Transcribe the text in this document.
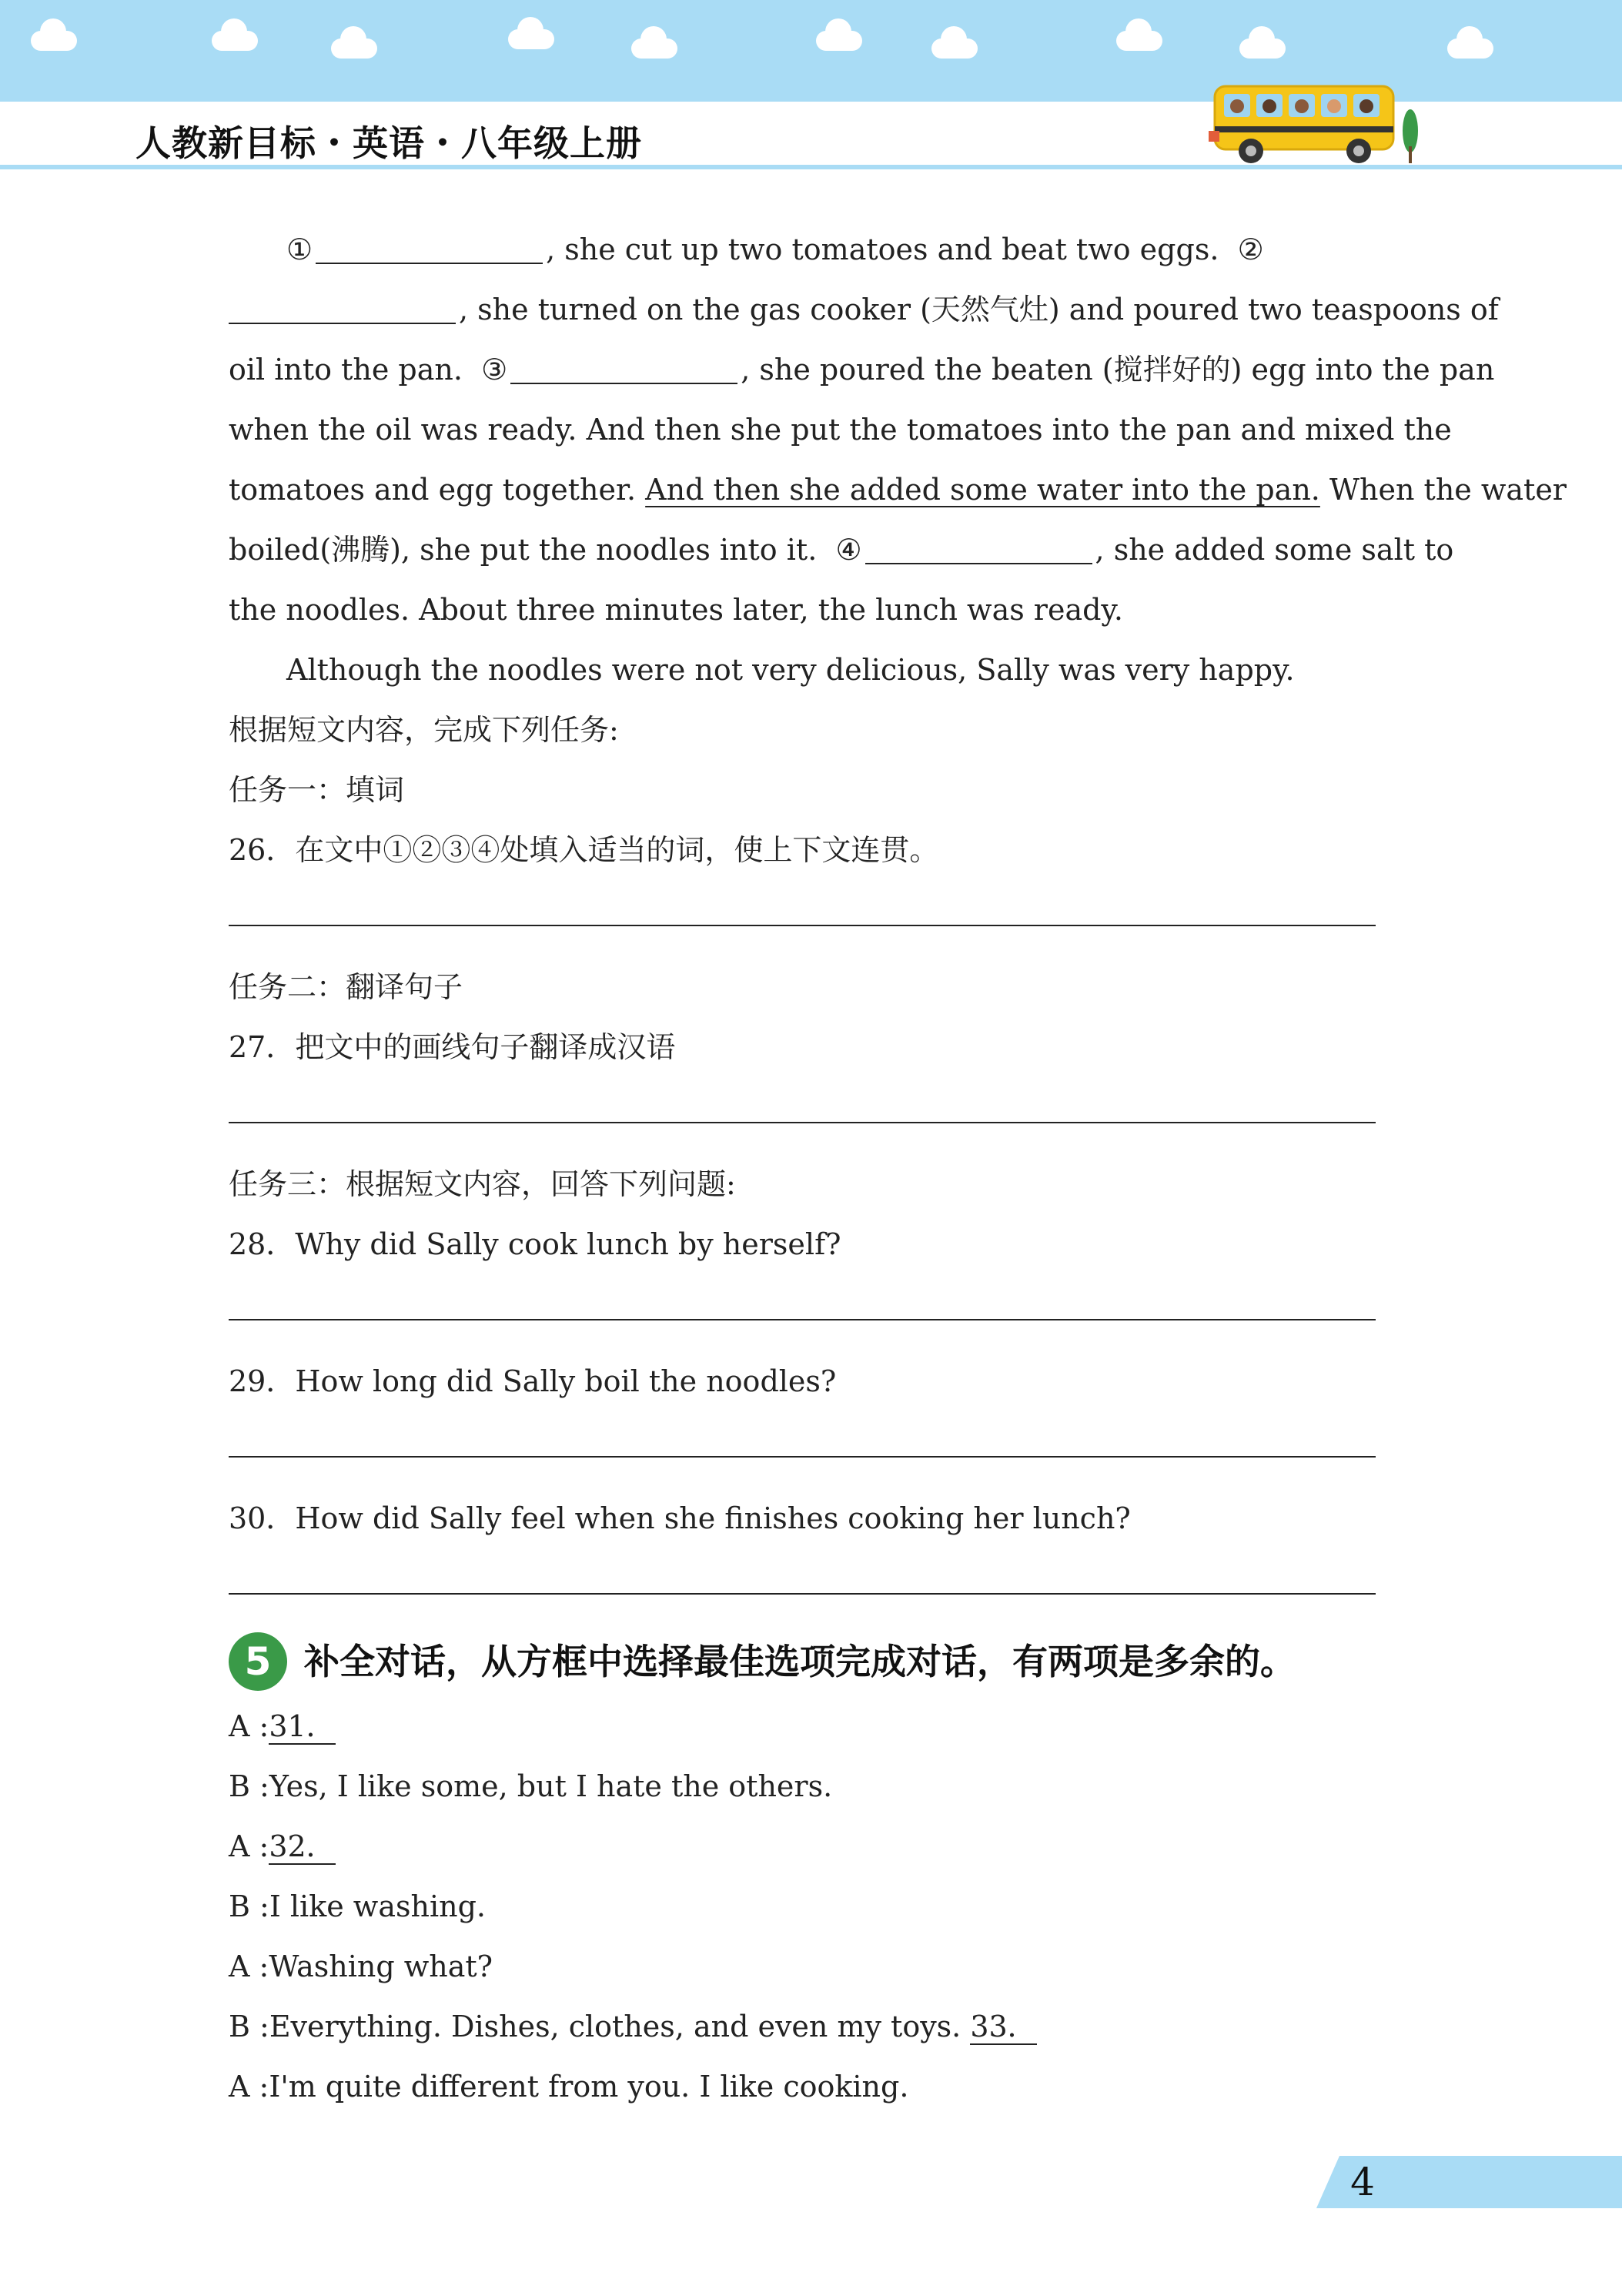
人教新目标・英语・八年级上册

①	, she cut up two tomatoes and beat two eggs. ②

, she turned on the gas cooker (天然气灶) and poured two teaspoons of

oil into the pan. ③	, she poured the beaten (搅拌好的) egg into the pan

when the oil was ready. And then she put the tomatoes into the pan and mixed the

tomatoes and egg together. And then she added some water into the pan. When the water

boiled(沸腾), she put the noodles into it. ④	, she added some salt to

the noodles. About three minutes later, the lunch was ready.

Although the noodles were not very delicious, Sally was very happy.

根据短文内容，完成下列任务:

任务一：填词

26．在文中①②③④处填入适当的词，使上下文连贯。

任务二：翻译句子

27．把文中的画线句子翻译成汉语

任务三：根据短文内容，回答下列问题:

28．Why did Sally cook lunch by herself?

29．How long did Sally boil the noodles?

30．How did Sally feel when she finishes cooking her lunch?

5 补全对话，从方框中选择最佳选项完成对话，有两项是多余的。

A :31．

B :Yes, I like some, but I hate the others.

A :32．

B :I like washing.

A :Washing what?

B :Everything. Dishes, clothes, and even my toys. 33．

A :I'm quite different from you. I like cooking.

4
